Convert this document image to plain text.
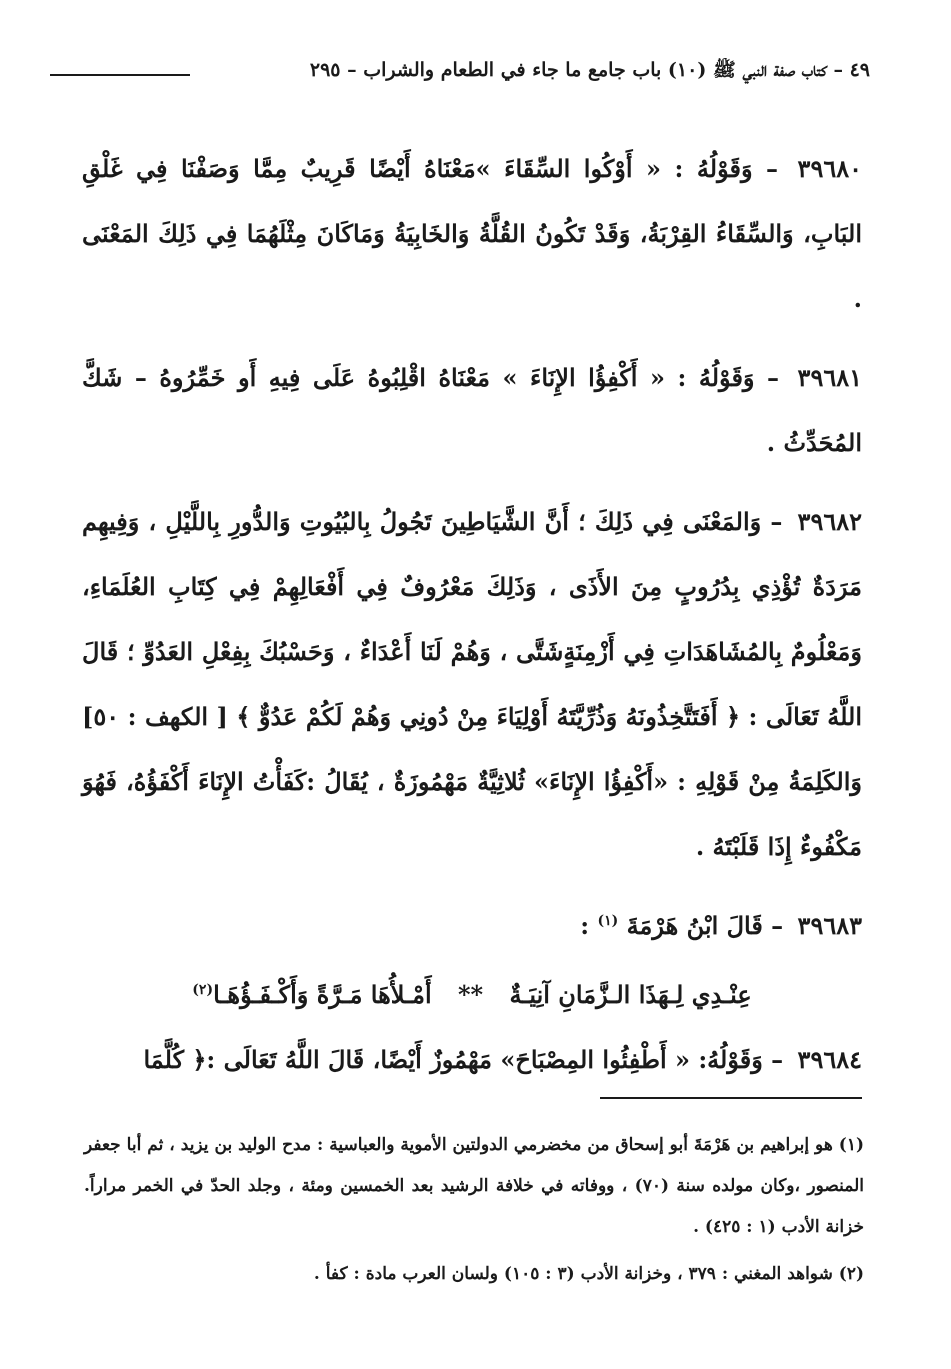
٤٩ – كتاب صفة النبي ﷺ (١٠) باب جامع ما جاء في الطعام والشراب – ٢٩٥

٣٩٦٨٠ – وَقَوْلُهُ : « أَوْكُوا السِّقَاءَ »مَعْنَاهُ أَيْضًا قَرِيبٌ مِمَّا وَصَفْنَا فِي غَلْقِ البَابِ، وَالسِّقَاءُ القِرْبَةُ، وَقَدْ تَكُونُ القُلَّةُ وَالخَابِيَةُ وَمَاكَانَ مِثْلَهُمَا فِي ذَلِكَ المَعْنَى .

٣٩٦٨١ – وَقَوْلُهُ : « أَكْفِؤُا الإِنَاءَ » مَعْنَاهُ اقْلِبُوهُ عَلَى فِيهِ أَو خَمِّرُوهُ – شَكَّ المُحَدِّثُ .

٣٩٦٨٢ – وَالمَعْنَى فِي ذَلِكَ ؛ أَنَّ الشَّيَاطِينَ تَجُولُ بِالبُيُوتِ وَالدُّورِ بِاللَّيْلِ ، وَفِيهِم مَرَدَةٌ تُؤْذِي بِدُرُوبٍ مِنَ الأَذَى ، وَذَلِكَ مَعْرُوفٌ فِي أَفْعَالِهِمْ فِي كِتَابِ العُلَمَاءِ، وَمَعْلُومٌ بِالمُشَاهَدَاتِ فِي أَزْمِنَةٍشَتَّى ، وَهُمْ لَنَا أَعْدَاءٌ ، وَحَسْبُكَ بِفِعْلِ العَدُوِّ ؛ قَالَ اللَّهُ تَعَالَى : ﴿ أَفَتَتَّخِذُونَهُ وَذُرِّيَّتَهُ أَوْلِيَاءَ مِنْ دُونِي وَهُمْ لَكُمْ عَدُوٌّ ﴾ [ الكهف : ٥٠] وَالكَلِمَةُ مِنْ قَوْلِهِ : «أَكْفِؤُا الإِنَاءَ» ثُلاثِيَّةٌ مَهْمُوزَةٌ ، يُقَالُ :كَفَأْتُ الإِنَاءَ أَكْفَؤُهُ، فَهُوَ مَكْفُوءٌ إِذَا قَلَبْتَهُ .

٣٩٦٨٣ – قَالَ ابْنُ هَرْمَةَ $^{(١)}$ :

عِنْـدِي لِـهَذَا الـزَّمَانِ آنِيَـةٌ ** أَمْـلأُهَا مَـرَّةً وَأَكْـفَـؤُهَـا$^{(٢)}$

٣٩٦٨٤ – وَقَوْلُهُ: « أَطْفِئُوا المِصْبَاحَ» مَهْمُوزٌ أَيْضًا، قَالَ اللَّهُ تَعَالَى :﴿ كُلَّمَا

(١) هو إبراهيم بن هَرْمَةَ أبو إسحاق من مخضرمي الدولتين الأموية والعباسية : مدح الوليد بن يزيد ، ثم أبا جعفر المنصور ،وكان مولده سنة (٧٠) ، ووفاته في خلافة الرشيد بعد الخمسين ومئة ، وجلد الحدّ في الخمر مراراً. خزانة الأدب (١ : ٤٢٥) .

(٢) شواهد المغني : ٣٧٩ ، وخزانة الأدب (٣ : ١٠٥) ولسان العرب مادة : كفأ .
